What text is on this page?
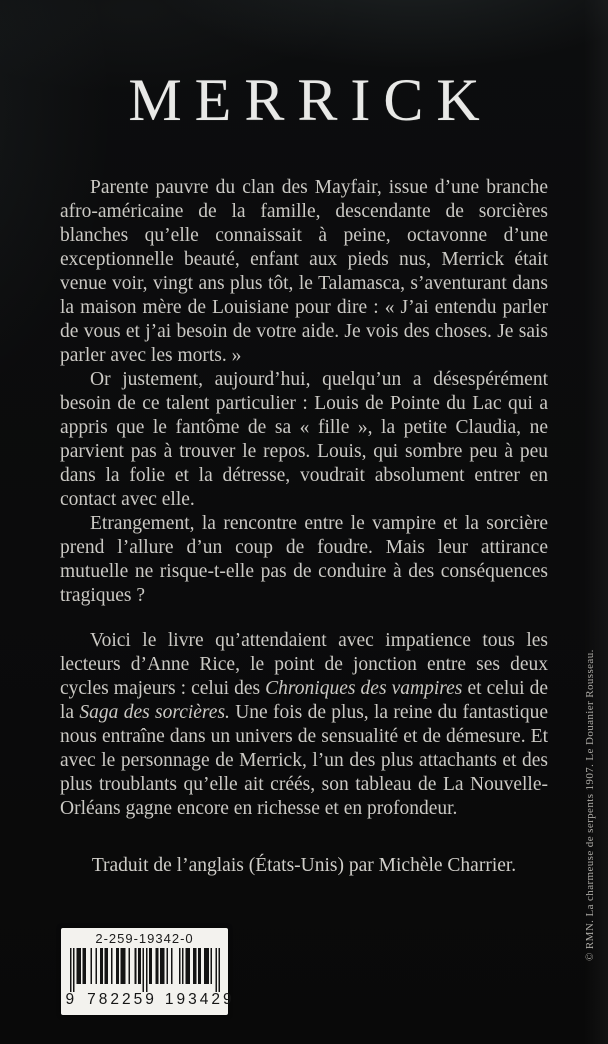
MERRICK

Parente pauvre du clan des Mayfair, issue d’une branche afro-américaine de la famille, descendante de sorcières blanches qu’elle connaissait à peine, octavonne d’une exceptionnelle beauté, enfant aux pieds nus, Merrick était venue voir, vingt ans plus tôt, le Talamasca, s’aventurant dans la maison mère de Louisiane pour dire : « J’ai entendu parler de vous et j’ai besoin de votre aide. Je vois des choses. Je sais parler avec les morts. »

Or justement, aujourd’hui, quelqu’un a désespérément besoin de ce talent particulier : Louis de Pointe du Lac qui a appris que le fantôme de sa « fille », la petite Claudia, ne parvient pas à trouver le repos. Louis, qui sombre peu à peu dans la folie et la détresse, voudrait absolument entrer en contact avec elle.

Etrangement, la rencontre entre le vampire et la sorcière prend l’allure d’un coup de foudre. Mais leur attirance mutuelle ne risque-t-elle pas de conduire à des conséquences tragiques ?

Voici le livre qu’attendaient avec impatience tous les lecteurs d’Anne Rice, le point de jonction entre ses deux cycles majeurs : celui des Chroniques des vampires et celui de la Saga des sorcières. Une fois de plus, la reine du fantastique nous entraîne dans un univers de sensualité et de démesure. Et avec le personnage de Merrick, l’un des plus attachants et des plus troublants qu’elle ait créés, son tableau de La Nouvelle-Orléans gagne encore en richesse et en profondeur.

Traduit de l’anglais (États-Unis) par Michèle Charrier.	© RMN. La charmeuse de serpents 1907. Le Douanier Rousseau.
2-259-19342-0
9 782259 193429
